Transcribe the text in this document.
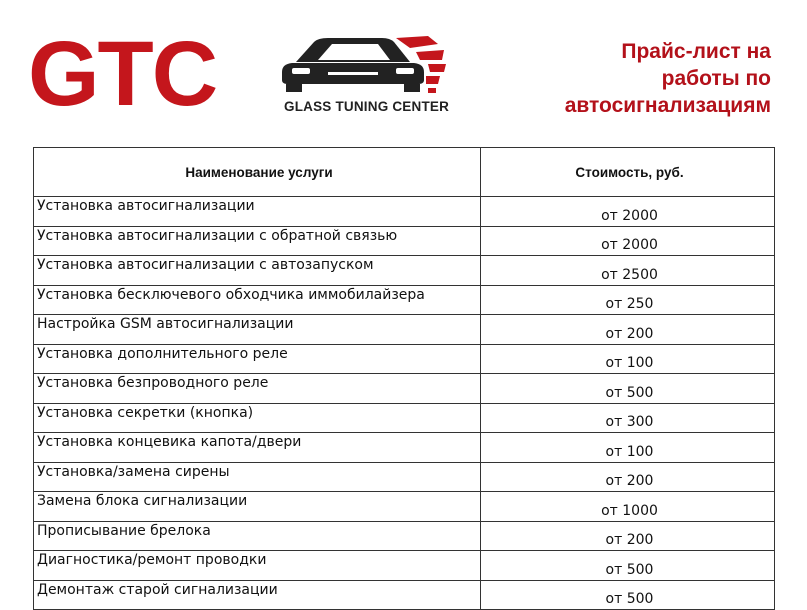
GTC	GLASS TUNING CENTER
Прайс-лист на
работы по
автосигнализациям
Наименование услуги	Стоимость, руб.
Установка автосигнализации	от 2000
Установка автосигнализации с обратной связью	от 2000
Установка автосигнализации с автозапуском	от 2500
Установка бесключевого обходчика иммобилайзера	от 250
Настройка GSM автосигнализации	от 200
Установка дополнительного реле	от 100
Установка безпроводного реле	от 500
Установка секретки (кнопка)	от 300
Установка концевика капота/двери	от 100
Установка/замена сирены	от 200
Замена блока сигнализации	от 1000
Прописывание брелока	от 200
Диагностика/ремонт проводки	от 500
Демонтаж старой сигнализации	от 500
